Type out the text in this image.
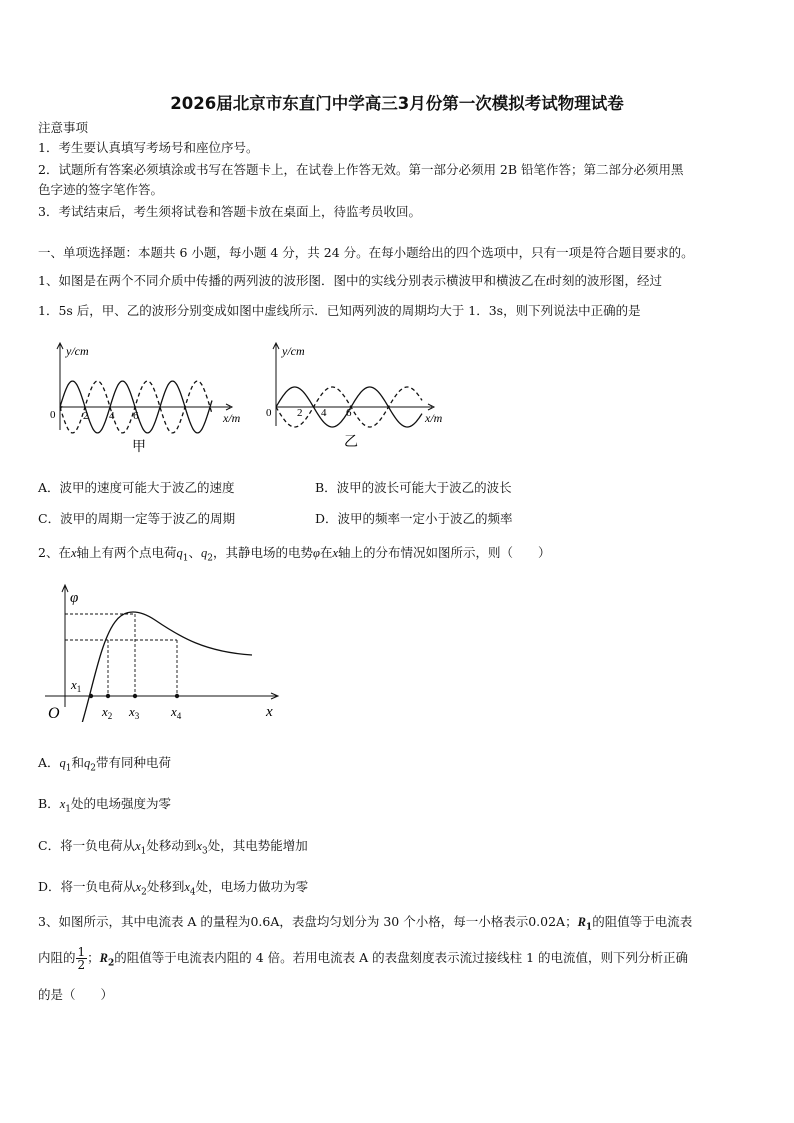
2026届北京市东直门中学高三3月份第一次模拟考试物理试卷
注意事项
1．考生要认真填写考场号和座位序号。
2．试题所有答案必须填涂或书写在答题卡上，在试卷上作答无效。第一部分必须用 2B 铅笔作答；第二部分必须用黑
色字迹的签字笔作答。
3．考试结束后，考生须将试卷和答题卡放在桌面上，待监考员收回。
一、单项选择题：本题共 6 小题，每小题 4 分，共 24 分。在每小题给出的四个选项中，只有一项是符合题目要求的。
1、如图是在两个不同介质中传播的两列波的波形图．图中的实线分别表示横波甲和横波乙在t时刻的波形图，经过
1．5s 后，甲、乙的波形分别变成如图中虚线所示．已知两列波的周期均大于 1．3s，则下列说法中正确的是
y/cm
x/m
0	2 4 6
甲
y/cm
x/m
0 2 4 6
乙
A．波甲的速度可能大于波乙的速度	B．波甲的波长可能大于波乙的波长
C．波甲的周期一定等于波乙的周期	D．波甲的频率一定小于波乙的频率
2、在x轴上有两个点电荷$q_1$、$q_2$，其静电场的电势φ在x轴上的分布情况如图所示，则（　　）
φ
O	x
$x_1$
$x_2$ $x_3$ $x_4$
A．$q_1$和$q_2$带有同种电荷
B．$x_1$处的电场强度为零
C．将一负电荷从$x_1$处移动到$x_3$处，其电势能增加
D．将一负电荷从$x_2$处移到$x_4$处，电场力做功为零
3、如图所示，其中电流表 A 的量程为0.6A，表盘均匀划分为 30 个小格，每一小格表示0.02A；$R_1$的阻值等于电流表
内阻的 $\frac{1}{2}$ ；$R_2$的阻值等于电流表内阻的 4 倍。若用电流表 A 的表盘刻度表示流过接线柱 1 的电流值，则下列分析正确
的是（　　）
